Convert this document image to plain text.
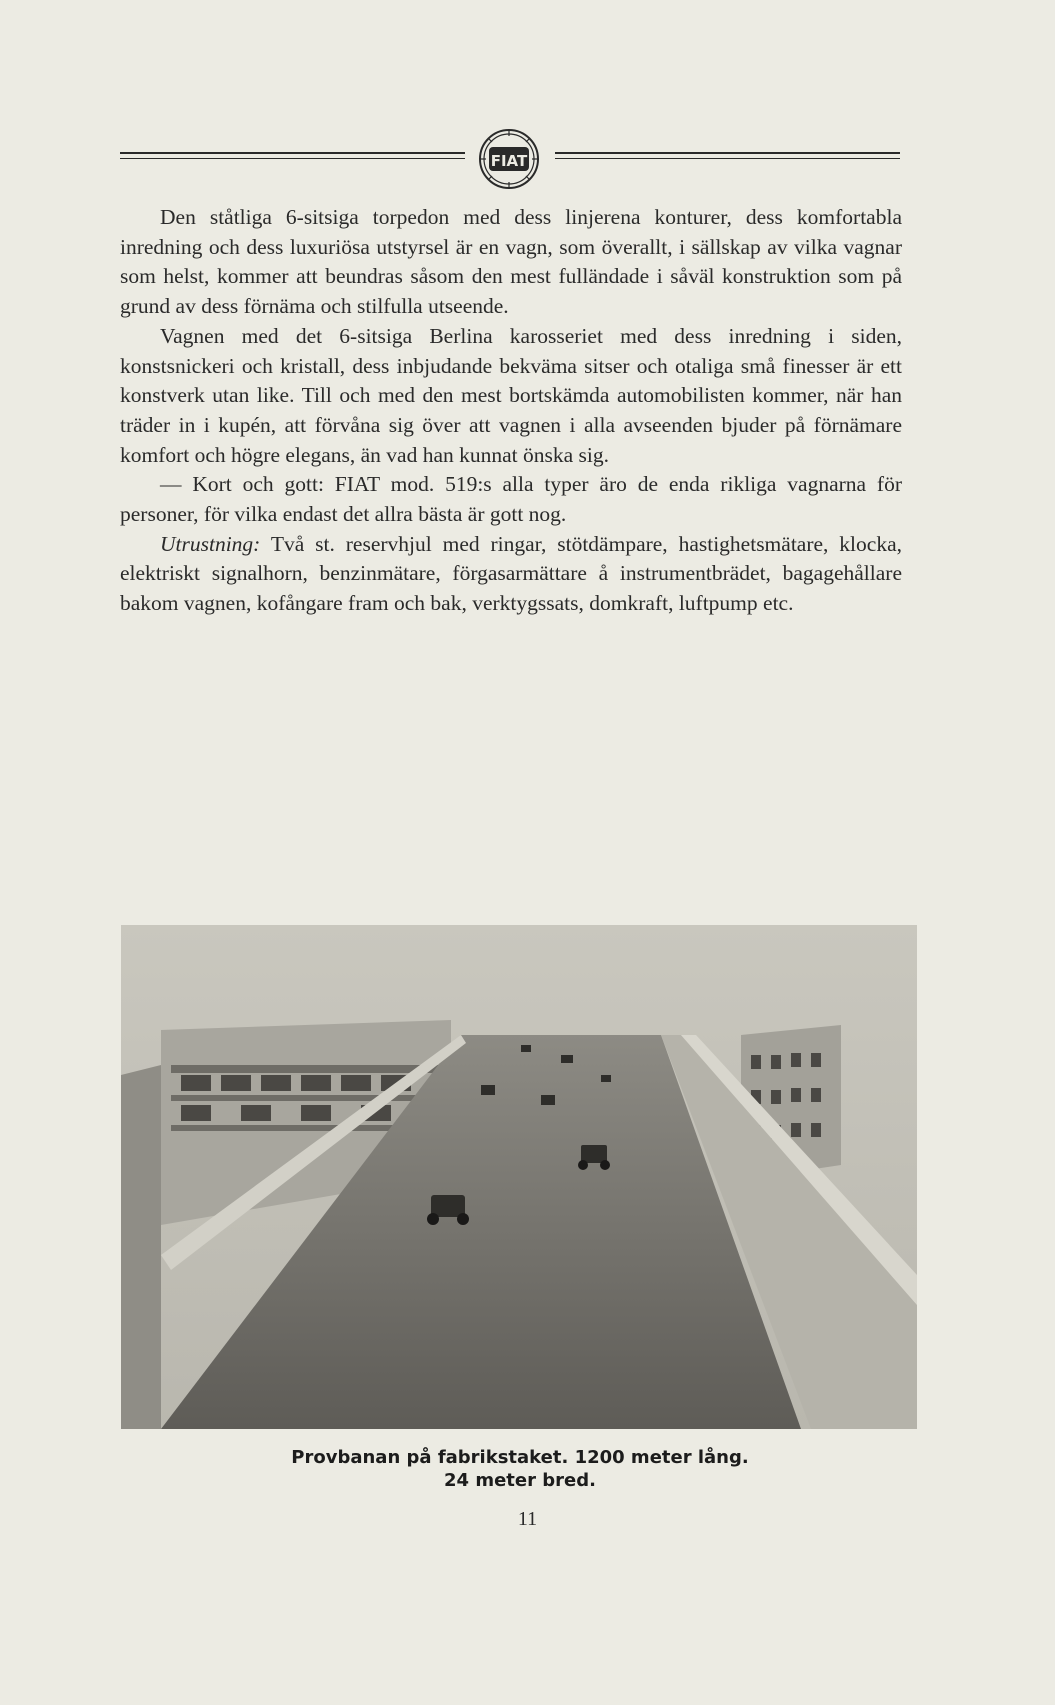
FIAT

Den ståtliga 6-sitsiga torpedon med dess linjerena konturer, dess komfortabla inredning och dess luxuriösa utstyrsel är en vagn, som överallt, i sällskap av vilka vagnar som helst, kommer att beundras såsom den mest fulländade i såväl konstruktion som på grund av dess förnäma och stilfulla utseende.

Vagnen med det 6-sitsiga Berlina karosseriet med dess inredning i siden, konstsnickeri och kristall, dess inbjudande bekväma sitser och otaliga små finesser är ett konstverk utan like. Till och med den mest bortskämda automobilisten kommer, när han träder in i kupén, att förvåna sig över att vagnen i alla avseenden bjuder på förnämare komfort och högre elegans, än vad han kunnat önska sig.

— Kort och gott: FIAT mod. 519:s alla typer äro de enda rikliga vagnarna för personer, för vilka endast det allra bästa är gott nog.

Utrustning: Två st. reservhjul med ringar, stötdämpare, hastighetsmätare, klocka, elektriskt signalhorn, benzinmätare, förgasarmättare å instrumentbrädet, bagagehållare bakom vagnen, kofångare fram och bak, verktygssats, domkraft, luftpump etc.

Provbanan på fabrikstaket. 1200 meter lång.
24 meter bred.
11
